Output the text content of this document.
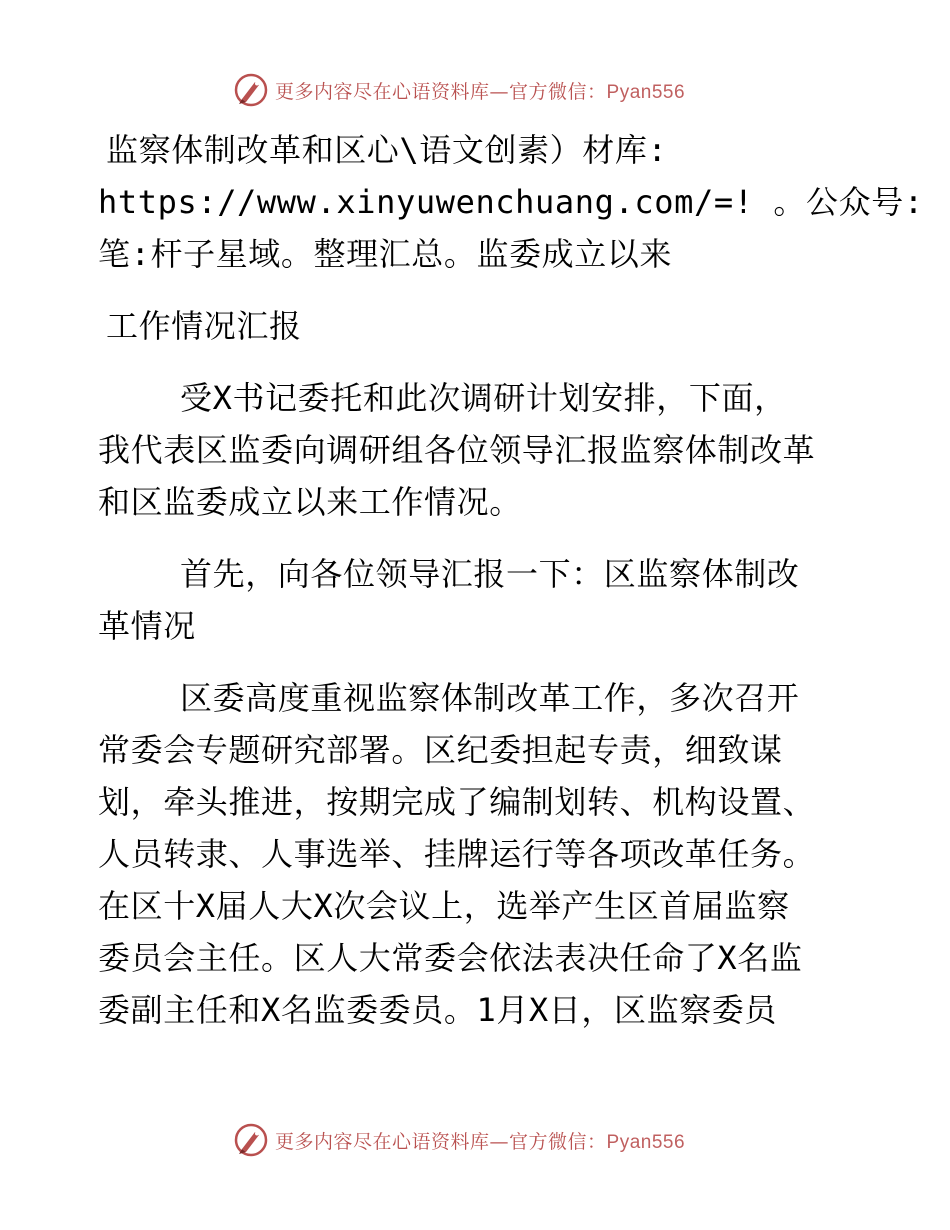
更多内容尽在心语资料库—官方微信：Pyan556
监察体制改革和区心\语文创素）材库:
https://www.xinyuwenchuang.com/=! 。公众号:
笔:杆子星域。整理汇总。监委成立以来
工作情况汇报
受X书记委托和此次调研计划安排，下面，
我代表区监委向调研组各位领导汇报监察体制改革
和区监委成立以来工作情况。
首先，向各位领导汇报一下：区监察体制改
革情况
区委高度重视监察体制改革工作，多次召开
常委会专题研究部署。区纪委担起专责，细致谋
划，牵头推进，按期完成了编制划转、机构设置、
人员转隶、人事选举、挂牌运行等各项改革任务。
在区十X届人大X次会议上，选举产生区首届监察
委员会主任。区人大常委会依法表决任命了X名监
委副主任和X名监委委员。1月X日，区监察委员
更多内容尽在心语资料库—官方微信：Pyan556
